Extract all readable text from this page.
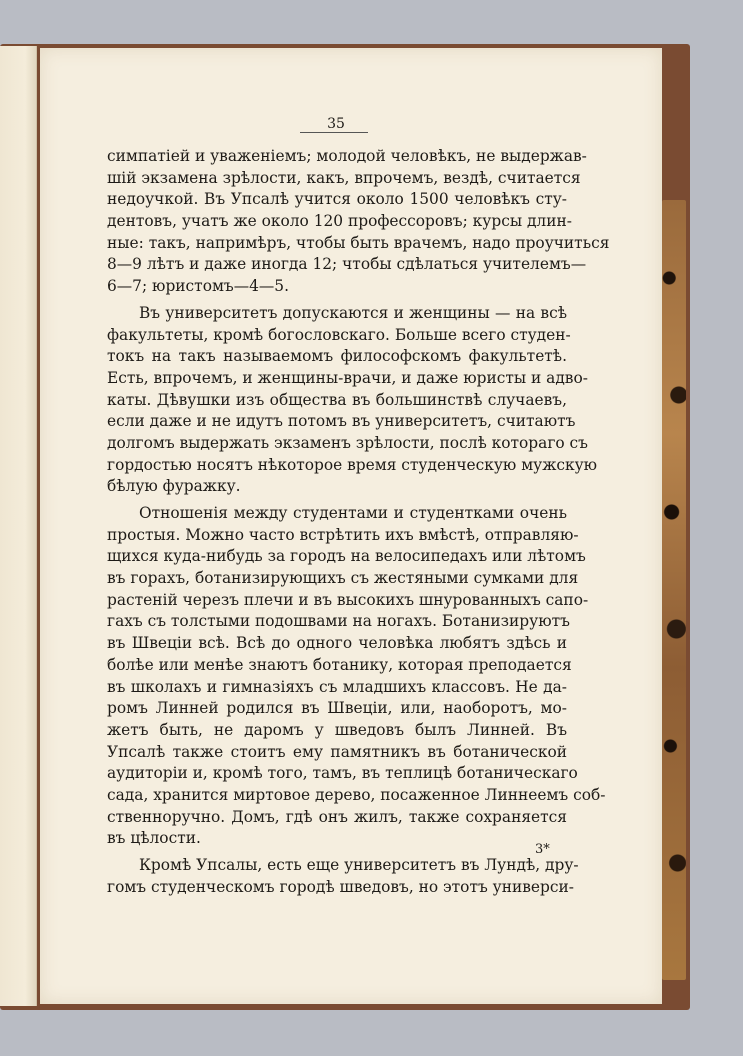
35
симпатіей и уваженіемъ; молодой человѣкъ, не выдержав-
шій экзамена зрѣлости, какъ, впрочемъ, вездѣ, считается
недоучкой. Въ Упсалѣ учится около 1500 человѣкъ сту-
дентовъ, учатъ же около 120 профессоровъ; курсы длин-
ные: такъ, напримѣръ, чтобы быть врачемъ, надо проучиться
8—9 лѣтъ и даже иногда 12; чтобы сдѣлаться учителемъ—
6—7; юристомъ—4—5.
Въ университетъ допускаются и женщины — на всѣ
факультеты, кромѣ богословскаго. Больше всего студен-
токъ на такъ называемомъ философскомъ факультетѣ.
Есть, впрочемъ, и женщины-врачи, и даже юристы и адво-
каты. Дѣвушки изъ общества въ большинствѣ случаевъ,
если даже и не идутъ потомъ въ университетъ, считаютъ
долгомъ выдержать экзаменъ зрѣлости, послѣ котораго съ
гордостью носятъ нѣкоторое время студенческую мужскую
бѣлую фуражку.
Отношенія между студентами и студентками очень
простыя. Можно часто встрѣтить ихъ вмѣстѣ, отправляю-
щихся куда-нибудь за городъ на велосипедахъ или лѣтомъ
въ горахъ, ботанизирующихъ съ жестяными сумками для
растеній черезъ плечи и въ высокихъ шнурованныхъ сапо-
гахъ съ толстыми подошвами на ногахъ. Ботанизируютъ
въ Швеціи всѣ. Всѣ до одного человѣка любятъ здѣсь и
болѣе или менѣе знаютъ ботанику, которая преподается
въ школахъ и гимназіяхъ съ младшихъ классовъ. Не да-
ромъ Линней родился въ Швеціи, или, наоборотъ, мо-
жетъ быть, не даромъ у шведовъ былъ Линней. Въ
Упсалѣ также стоитъ ему памятникъ въ ботанической
аудиторіи и, кромѣ того, тамъ, въ теплицѣ ботаническаго
сада, хранится миртовое дерево, посаженное Линнеемъ соб-
ственноручно. Домъ, гдѣ онъ жилъ, также сохраняется
въ цѣлости.
Кромѣ Упсалы, есть еще университетъ въ Лундѣ, дру-
гомъ студенческомъ городѣ шведовъ, но этотъ универси-
3*
